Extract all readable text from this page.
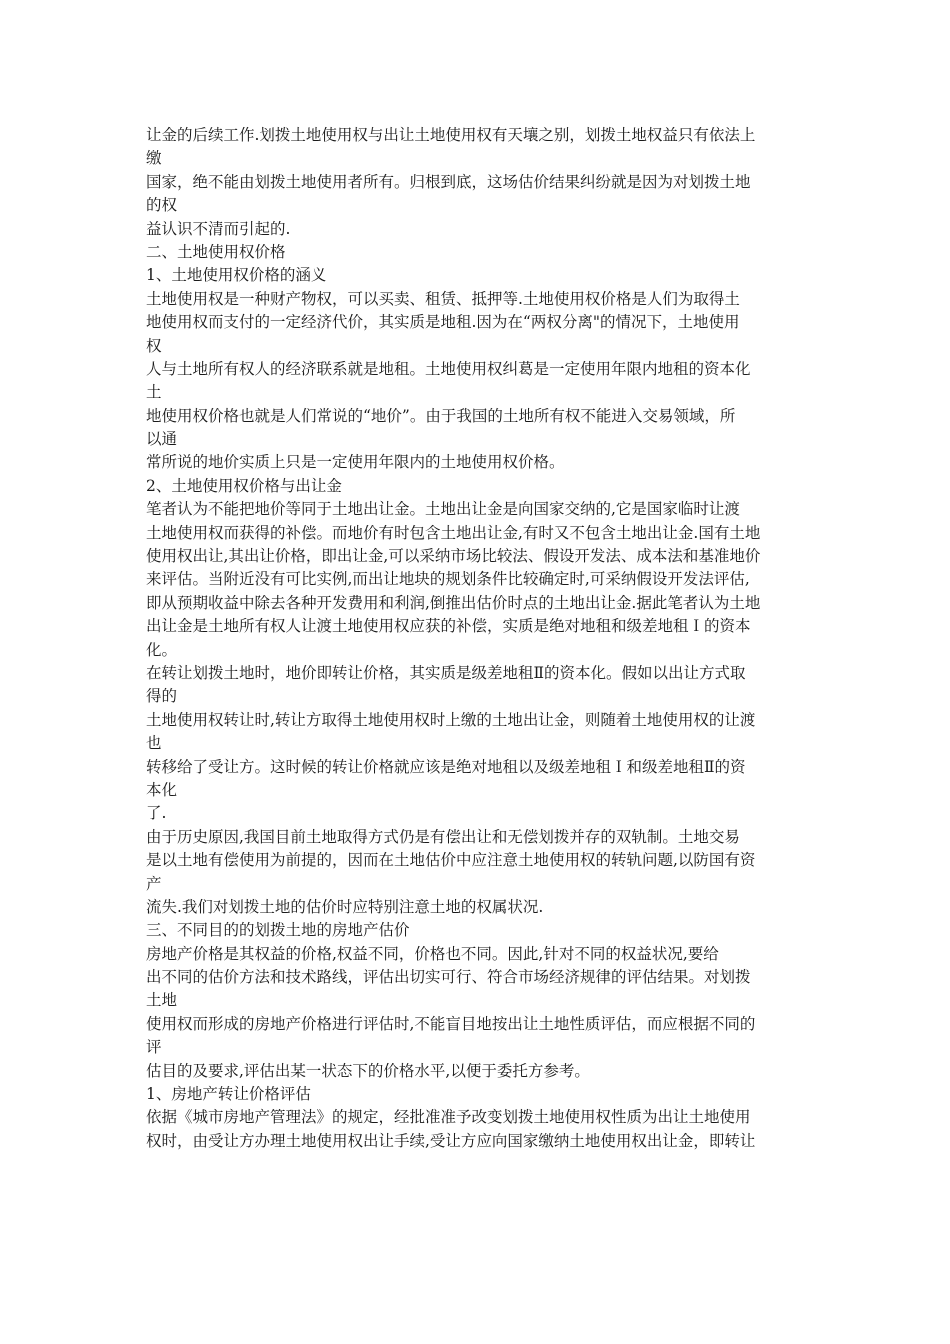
让金的后续工作.划拨土地使用权与出让土地使用权有天壤之别，划拨土地权益只有依法上
缴
国家，绝不能由划拨土地使用者所有。归根到底，这场估价结果纠纷就是因为对划拨土地
的权
益认识不清而引起的.
二、土地使用权价格
1、土地使用权价格的涵义
土地使用权是一种财产物权，可以买卖、租赁、抵押等.土地使用权价格是人们为取得土
地使用权而支付的一定经济代价，其实质是地租.因为在“两权分离"的情况下，土地使用
权
人与土地所有权人的经济联系就是地租。土地使用权纠葛是一定使用年限内地租的资本化
土
地使用权价格也就是人们常说的“地价”。由于我国的土地所有权不能进入交易领域，所
以通
常所说的地价实质上只是一定使用年限内的土地使用权价格。
2、土地使用权价格与出让金
笔者认为不能把地价等同于土地出让金。土地出让金是向国家交纳的,它是国家临时让渡
土地使用权而获得的补偿。而地价有时包含土地出让金,有时又不包含土地出让金.国有土地
使用权出让,其出让价格，即出让金,可以采纳市场比较法、假设开发法、成本法和基准地价
来评估。当附近没有可比实例,而出让地块的规划条件比较确定时,可采纳假设开发法评估,
即从预期收益中除去各种开发费用和利润,倒推出估价时点的土地出让金.据此笔者认为土地
出让金是土地所有权人让渡土地使用权应获的补偿，实质是绝对地租和级差地租Ｉ的资本
化。
在转让划拨土地时，地价即转让价格，其实质是级差地租Ⅱ的资本化。假如以出让方式取
得的
土地使用权转让时,转让方取得土地使用权时上缴的土地出让金，则随着土地使用权的让渡
也
转移给了受让方。这时候的转让价格就应该是绝对地租以及级差地租Ｉ和级差地租Ⅱ的资
本化
了.
由于历史原因,我国目前土地取得方式仍是有偿出让和无偿划拨并存的双轨制。土地交易
是以土地有偿使用为前提的，因而在土地估价中应注意土地使用权的转轨问题,以防国有资
产
流失.我们对划拨土地的估价时应特别注意土地的权属状况.
三、不同目的的划拨土地的房地产估价
房地产价格是其权益的价格,权益不同，价格也不同。因此,针对不同的权益状况,要给
出不同的估价方法和技术路线，评估出切实可行、符合市场经济规律的评估结果。对划拨
土地
使用权而形成的房地产价格进行评估时,不能盲目地按出让土地性质评估，而应根据不同的
评
估目的及要求,评估出某一状态下的价格水平,以便于委托方参考。
1、房地产转让价格评估
依据《城市房地产管理法》的规定，经批准准予改变划拨土地使用权性质为出让土地使用
权时，由受让方办理土地使用权出让手续,受让方应向国家缴纳土地使用权出让金，即转让
